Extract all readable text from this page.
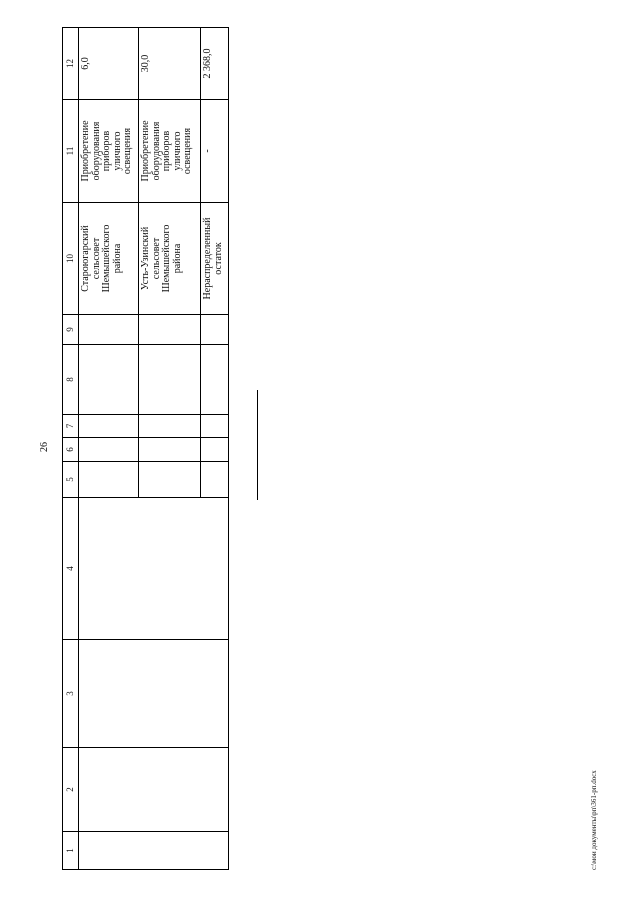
26
1	2	3	4	5	6	7	8	9	10	11	12

									Староюгарский сельсовет Шемышейского района	Приобретение оборудования приборов уличного освещения	6,0

									Усть-Узинский сельсовет Шемышейского района	Приобретение оборудования приборов уличного освещения	30,0

									Нераспределенный остаток	-	2 368,0
c:\мои документы\рп\361-рп.docx
